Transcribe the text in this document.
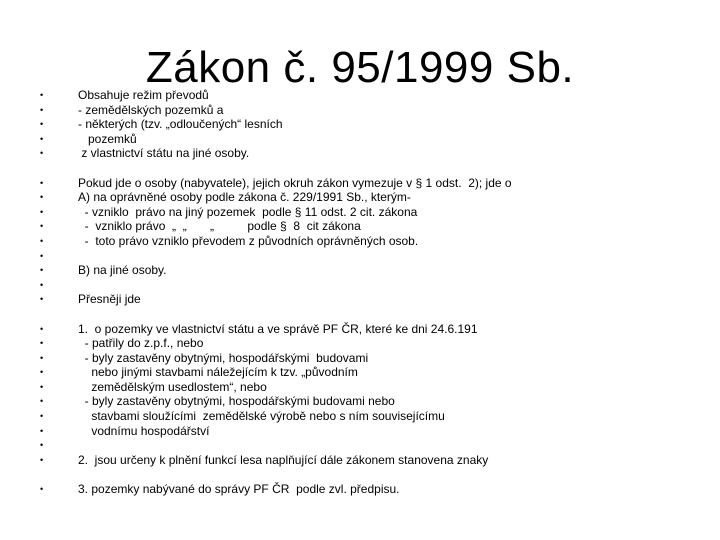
Zákon č. 95/1999 Sb.
•	Obsahuje režim převodů
•	- zemědělských pozemků a
•	- některých (tzv. „odloučených“ lesních
•	pozemků
•	z vlastnictví státu na jiné osoby.
•	Pokud jde o osoby (nabyvatele), jejich okruh zákon vymezuje v § 1 odst.  2); jde o
•	A) na oprávněné osoby podle zákona č. 229/1991 Sb., kterým-
•	- vzniklo  právo na jiný pozemek  podle § 11 odst. 2 cit. zákona
•	-  vzniklo právo  „  „       „          podle §  8  cit zákona
•	-  toto právo vzniklo převodem z původních oprávněných osob.
•
•	B) na jiné osoby.
•
•	Přesněji jde
•	1.  o pozemky ve vlastnictví státu a ve správě PF ČR, které ke dni 24.6.191
•	- patřily do z.p.f., nebo
•	- byly zastavěny obytnými, hospodářskými  budovami
•	nebo jinými stavbami náležejícím k tzv. „původním
•	zemědělským usedlostem“, nebo
•	- byly zastavěny obytnými, hospodářskými budovami nebo
•	stavbami sloužícími  zemědělské výrobě nebo s ním souvisejícímu
•	vodnímu hospodářství
•
•	2.  jsou určeny k plnění funkcí lesa naplňující dále zákonem stanovena znaky
•	3. pozemky nabývané do správy PF ČR  podle zvl. předpisu.
